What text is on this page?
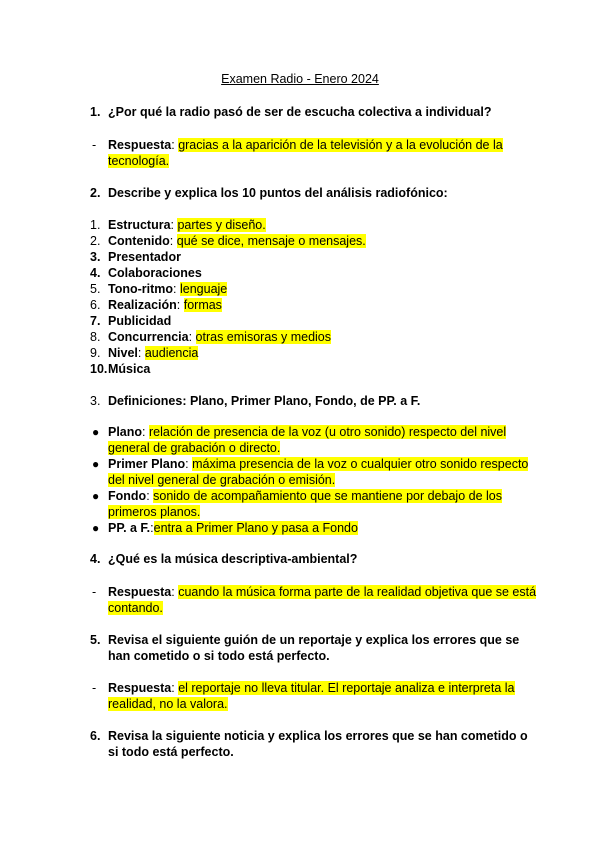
Examen Radio - Enero 2024
1. ¿Por qué la radio pasó de ser de escucha colectiva a individual?
- Respuesta: gracias a la aparición de la televisión y a la evolución de la
tecnología.
2. Describe y explica los 10 puntos del análisis radiofónico:
1. Estructura: partes y diseño.
2. Contenido: qué se dice, mensaje o mensajes.
3. Presentador
4. Colaboraciones
5. Tono-ritmo: lenguaje
6. Realización: formas
7. Publicidad
8. Concurrencia: otras emisoras y medios
9. Nivel: audiencia
10. Música
3. Definiciones: Plano, Primer Plano, Fondo, de PP. a F.
● Plano: relación de presencia de la voz (u otro sonido) respecto del nivel
general de grabación o directo.
● Primer Plano: máxima presencia de la voz o cualquier otro sonido respecto
del nivel general de grabación o emisión.
● Fondo: sonido de acompañamiento que se mantiene por debajo de los
primeros planos.
● PP. a F.:entra a Primer Plano y pasa a Fondo
4. ¿Qué es la música descriptiva-ambiental?
- Respuesta: cuando la música forma parte de la realidad objetiva que se está
contando.
5. Revisa el siguiente guión de un reportaje y explica los errores que se
han cometido o si todo está perfecto.
- Respuesta: el reportaje no lleva titular. El reportaje analiza e interpreta la
realidad, no la valora.
6. Revisa la siguiente noticia y explica los errores que se han cometido o
si todo está perfecto.
